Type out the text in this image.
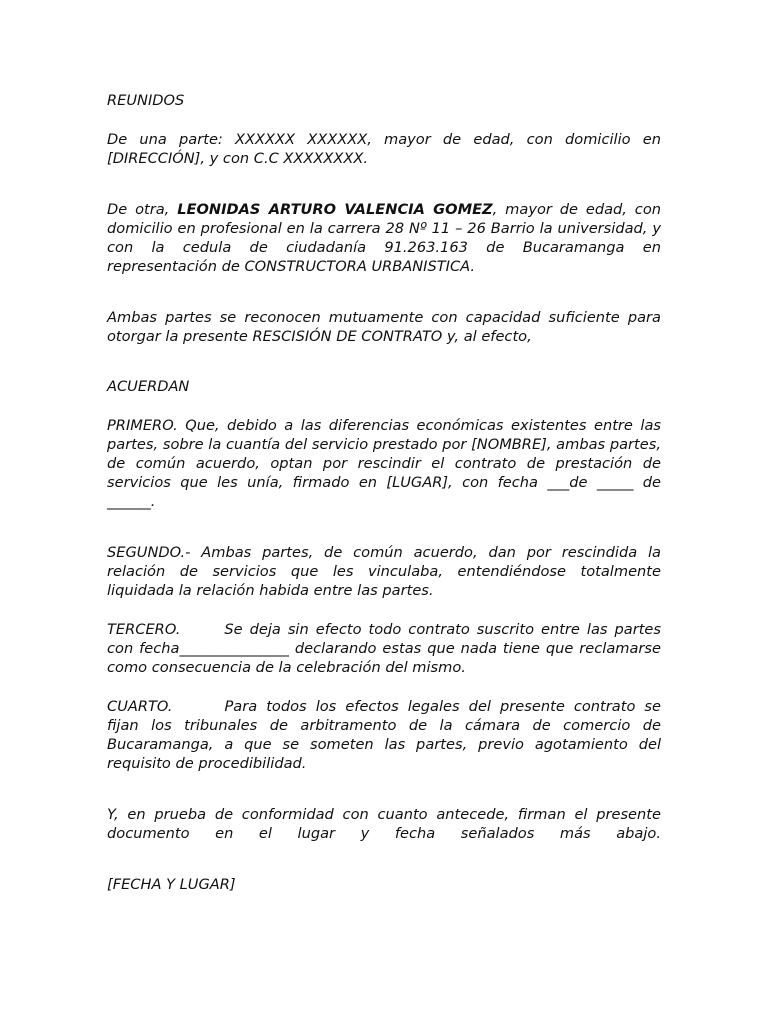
REUNIDOS

De una parte: XXXXXX XXXXXX, mayor de edad, con domicilio en [DIRECCIÓN], y con C.C XXXXXXXX.

De otra, LEONIDAS ARTURO VALENCIA GOMEZ, mayor de edad, con domicilio en profesional en la carrera 28 Nº 11 – 26 Barrio la universidad, y con la cedula de ciudadanía 91.263.163 de Bucaramanga en representación de CONSTRUCTORA URBANISTICA.

Ambas partes se reconocen mutuamente con capacidad suficiente para otorgar la presente RESCISIÓN DE CONTRATO y, al efecto,

ACUERDAN

PRIMERO. Que, debido a las diferencias económicas existentes entre las partes, sobre la cuantía del servicio prestado por [NOMBRE], ambas partes, de común acuerdo, optan por rescindir el contrato de prestación de servicios que les unía, firmado en [LUGAR], con fecha ___de _____ de ______.

SEGUNDO.- Ambas partes, de común acuerdo, dan por rescindida la relación de servicios que les vinculaba, entendiéndose totalmente liquidada la relación habida entre las partes.

TERCERO.	Se deja sin efecto todo contrato suscrito entre las partes con fecha_______________ declarando estas que nada tiene que reclamarse como consecuencia de la celebración del mismo.

CUARTO.	Para todos los efectos legales del presente contrato se fijan los tribunales de arbitramento de la cámara de comercio de Bucaramanga, a que se someten las partes, previo agotamiento del requisito de procedibilidad.

Y, en prueba de conformidad con cuanto antecede, firman el presente documento en el lugar y fecha señalados más abajo.

[FECHA Y LUGAR]
